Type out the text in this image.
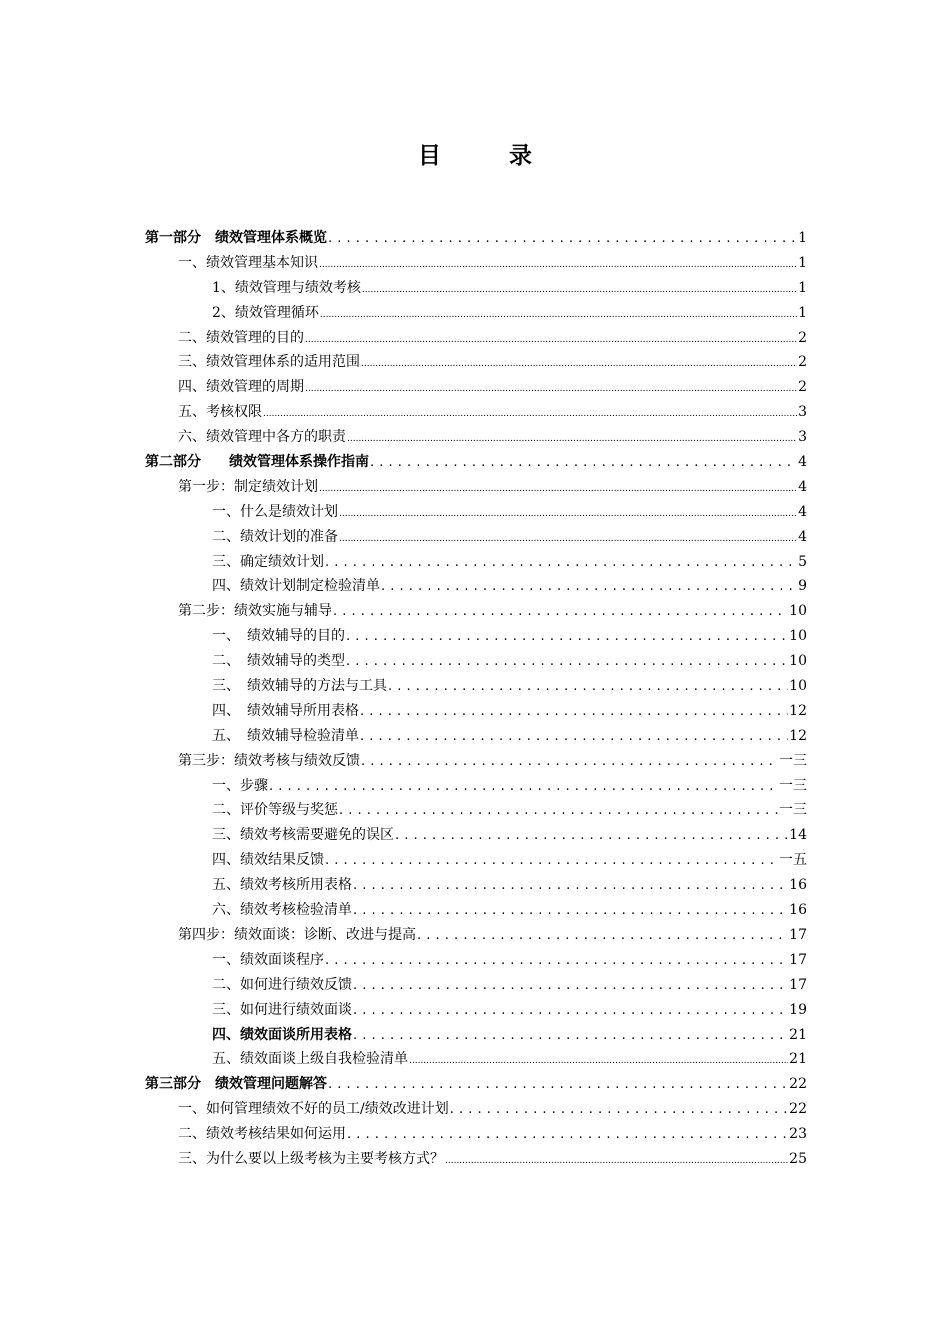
目 录
第一部分　绩效管理体系概览 . . .	1
一、绩效管理基本知识 .....	1
1、绩效管理与绩效考核 .....	1
2、绩效管理循环 .....	1
二、绩效管理的目的 .....	2
三、绩效管理体系的适用范围 .....	2
四、绩效管理的周期 .....	2
五、考核权限 .....	3
六、绩效管理中各方的职责 .....	3
第二部分　　绩效管理体系操作指南 . . .	4
第一步：制定绩效计划 .....	4
一、什么是绩效计划 .....	4
二、绩效计划的准备 .....	4
三、确定绩效计划 . . .	5
四、绩效计划制定检验清单 . . .	9
第二步：绩效实施与辅导 . . .	10
一、　绩效辅导的目的 . . .	10
二、　绩效辅导的类型 . . .	10
三、　绩效辅导的方法与工具 . . .	10
四、　绩效辅导所用表格 . . .	12
五、　绩效辅导检验清单 . . .	12
第三步：绩效考核与绩效反馈 . . .	一三
一、步骤 . . .	一三
二、评价等级与奖惩 . . .	一三
三、绩效考核需要避免的误区 . . .	14
四、绩效结果反馈 . . .	一五
五、绩效考核所用表格 . . .	16
六、绩效考核检验清单 . . .	16
第四步：绩效面谈：诊断、改进与提高 . . .	17
一、绩效面谈程序 . . .	17
二、如何进行绩效反馈 . . .	17
三、如何进行绩效面谈 . . .	19
四、绩效面谈所用表格 . . .	21
五、绩效面谈上级自我检验清单 .....	21
第三部分　绩效管理问题解答 . . .	22
一、如何管理绩效不好的员工/绩效改进计划 . . .	22
二、绩效考核结果如何运用 . . .	23
三、为什么要以上级考核为主要考核方式？ .....	25
